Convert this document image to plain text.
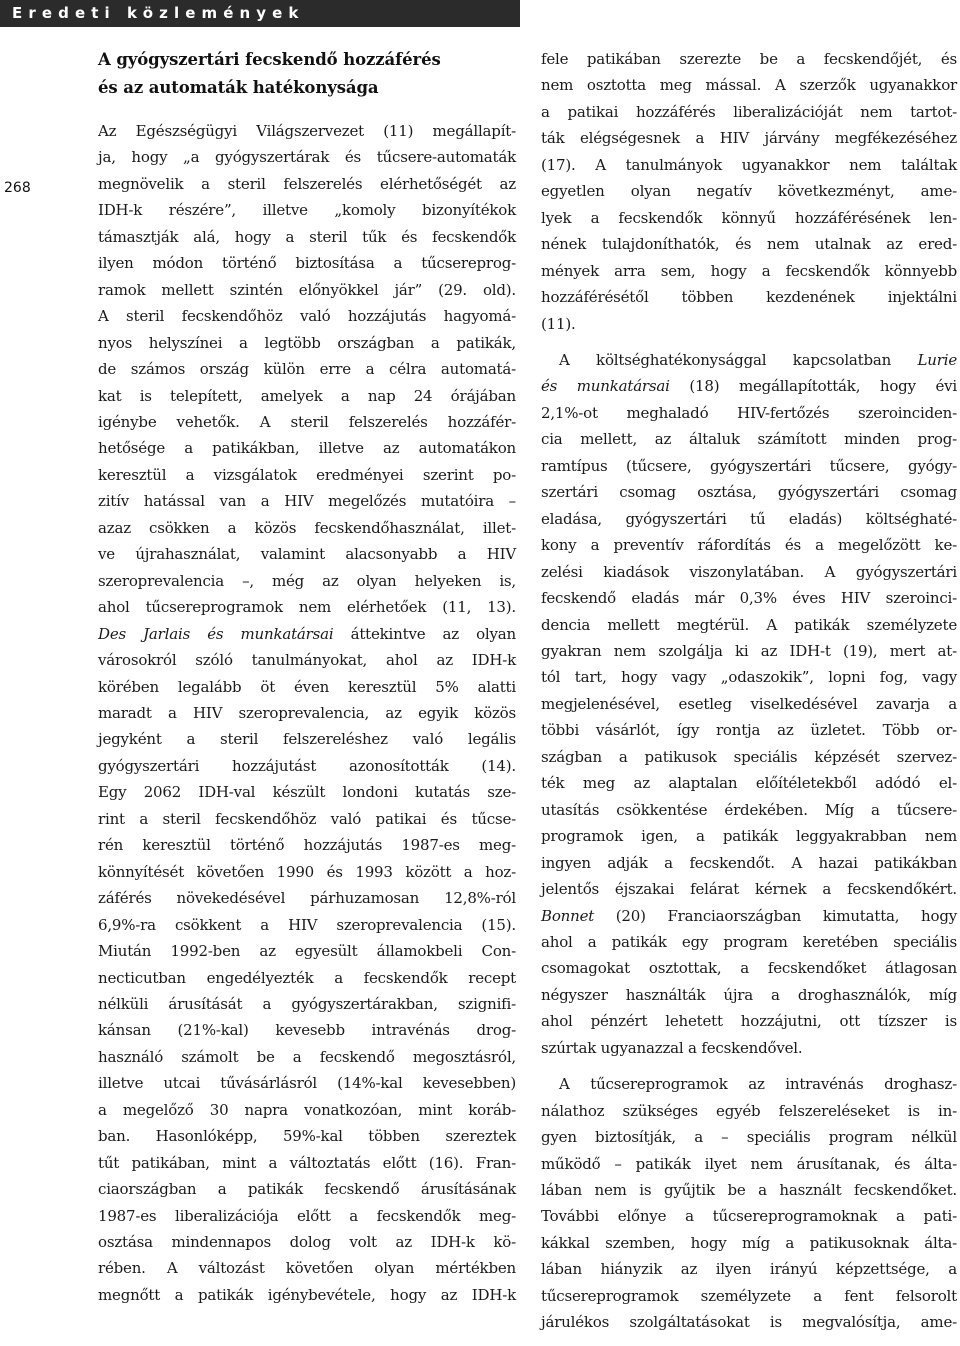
Eredeti közlemények
268
A gyógyszertári fecskendő hozzáférés
és az automaták hatékonysága

Az Egészségügyi Világszervezet (11) megállapít-
ja, hogy „a gyógyszertárak és tűcsere-automaták
megnövelik a steril felszerelés elérhetőségét az
IDH-k részére”, illetve „komoly bizonyítékok
támasztják alá, hogy a steril tűk és fecskendők
ilyen módon történő biztosítása a tűcsereprog-
ramok mellett szintén előnyökkel jár” (29. old).
A steril fecskendőhöz való hozzájutás hagyomá-
nyos helyszínei a legtöbb országban a patikák,
de számos ország külön erre a célra automatá-
kat is telepített, amelyek a nap 24 órájában
igénybe vehetők. A steril felszerelés hozzáfér-
hetősége a patikákban, illetve az automatákon
keresztül a vizsgálatok eredményei szerint po-
zitív hatással van a HIV megelőzés mutatóira –
azaz csökken a közös fecskendőhasználat, illet-
ve újrahasználat, valamint alacsonyabb a HIV
szeroprevalencia –, még az olyan helyeken is,
ahol tűcsereprogramok nem elérhetőek (11, 13).
Des Jarlais és munkatársai áttekintve az olyan
városokról szóló tanulmányokat, ahol az IDH-k
körében legalább öt éven keresztül 5% alatti
maradt a HIV szeroprevalencia, az egyik közös
jegyként a steril felszereléshez való legális
gyógyszertári hozzájutást azonosították (14).
Egy 2062 IDH-val készült londoni kutatás sze-
rint a steril fecskendőhöz való patikai és tűcse-
rén keresztül történő hozzájutás 1987-es meg-
könnyítését követően 1990 és 1993 között a hoz-
záférés növekedésével párhuzamosan 12,8%-ról
6,9%-ra csökkent a HIV szeroprevalencia (15).
Miután 1992-ben az egyesült államokbeli Con-
necticutban engedélyezték a fecskendők recept
nélküli árusítását a gyógyszertárakban, szignifi-
kánsan (21%-kal) kevesebb intravénás drog-
használó számolt be a fecskendő megosztásról,
illetve utcai tűvásárlásról (14%-kal kevesebben)
a megelőző 30 napra vonatkozóan, mint koráb-
ban. Hasonlóképp, 59%-kal többen szereztek
tűt patikában, mint a változtatás előtt (16). Fran-
ciaországban a patikák fecskendő árusításának
1987-es liberalizációja előtt a fecskendők meg-
osztása mindennapos dolog volt az IDH-k kö-
rében. A változást követően olyan mértékben
megnőtt a patikák igénybevétele, hogy az IDH-k

fele patikában szerezte be a fecskendőjét, és
nem osztotta meg mással. A szerzők ugyanakkor
a patikai hozzáférés liberalizációját nem tartot-
ták elégségesnek a HIV járvány megfékezéséhez
(17). A tanulmányok ugyanakkor nem találtak
egyetlen olyan negatív következményt, ame-
lyek a fecskendők könnyű hozzáférésének len-
nének tulajdoníthatók, és nem utalnak az ered-
mények arra sem, hogy a fecskendők könnyebb
hozzáférésétől többen kezdenének injektálni
(11).

A költséghatékonysággal kapcsolatban Lurie
és munkatársai (18) megállapították, hogy évi
2,1%-ot meghaladó HIV-fertőzés szeroinciden-
cia mellett, az általuk számított minden prog-
ramtípus (tűcsere, gyógyszertári tűcsere, gyógy-
szertári csomag osztása, gyógyszertári csomag
eladása, gyógyszertári tű eladás) költséghaté-
kony a preventív ráfordítás és a megelőzött ke-
zelési kiadások viszonylatában. A gyógyszertári
fecskendő eladás már 0,3% éves HIV szeroinci-
dencia mellett megtérül. A patikák személyzete
gyakran nem szolgálja ki az IDH-t (19), mert at-
tól tart, hogy vagy „odaszokik”, lopni fog, vagy
megjelenésével, esetleg viselkedésével zavarja a
többi vásárlót, így rontja az üzletet. Több or-
szágban a patikusok speciális képzését szervez-
ték meg az alaptalan előítéletekből adódó el-
utasítás csökkentése érdekében. Míg a tűcsere-
programok igen, a patikák leggyakrabban nem
ingyen adják a fecskendőt. A hazai patikákban
jelentős éjszakai felárat kérnek a fecskendőkért.
Bonnet (20) Franciaországban kimutatta, hogy
ahol a patikák egy program keretében speciális
csomagokat osztottak, a fecskendőket átlagosan
négyszer használták újra a droghasználók, míg
ahol pénzért lehetett hozzájutni, ott tízszer is
szúrtak ugyanazzal a fecskendővel.

A tűcsereprogramok az intravénás droghasz-
nálathoz szükséges egyéb felszereléseket is in-
gyen biztosítják, a – speciális program nélkül
működő – patikák ilyet nem árusítanak, és álta-
lában nem is gyűjtik be a használt fecskendőket.
További előnye a tűcsereprogramoknak a pati-
kákkal szemben, hogy míg a patikusoknak álta-
lában hiányzik az ilyen irányú képzettsége, a
tűcsereprogramok személyzete a fent felsorolt
járulékos szolgáltatásokat is megvalósítja, ame-
